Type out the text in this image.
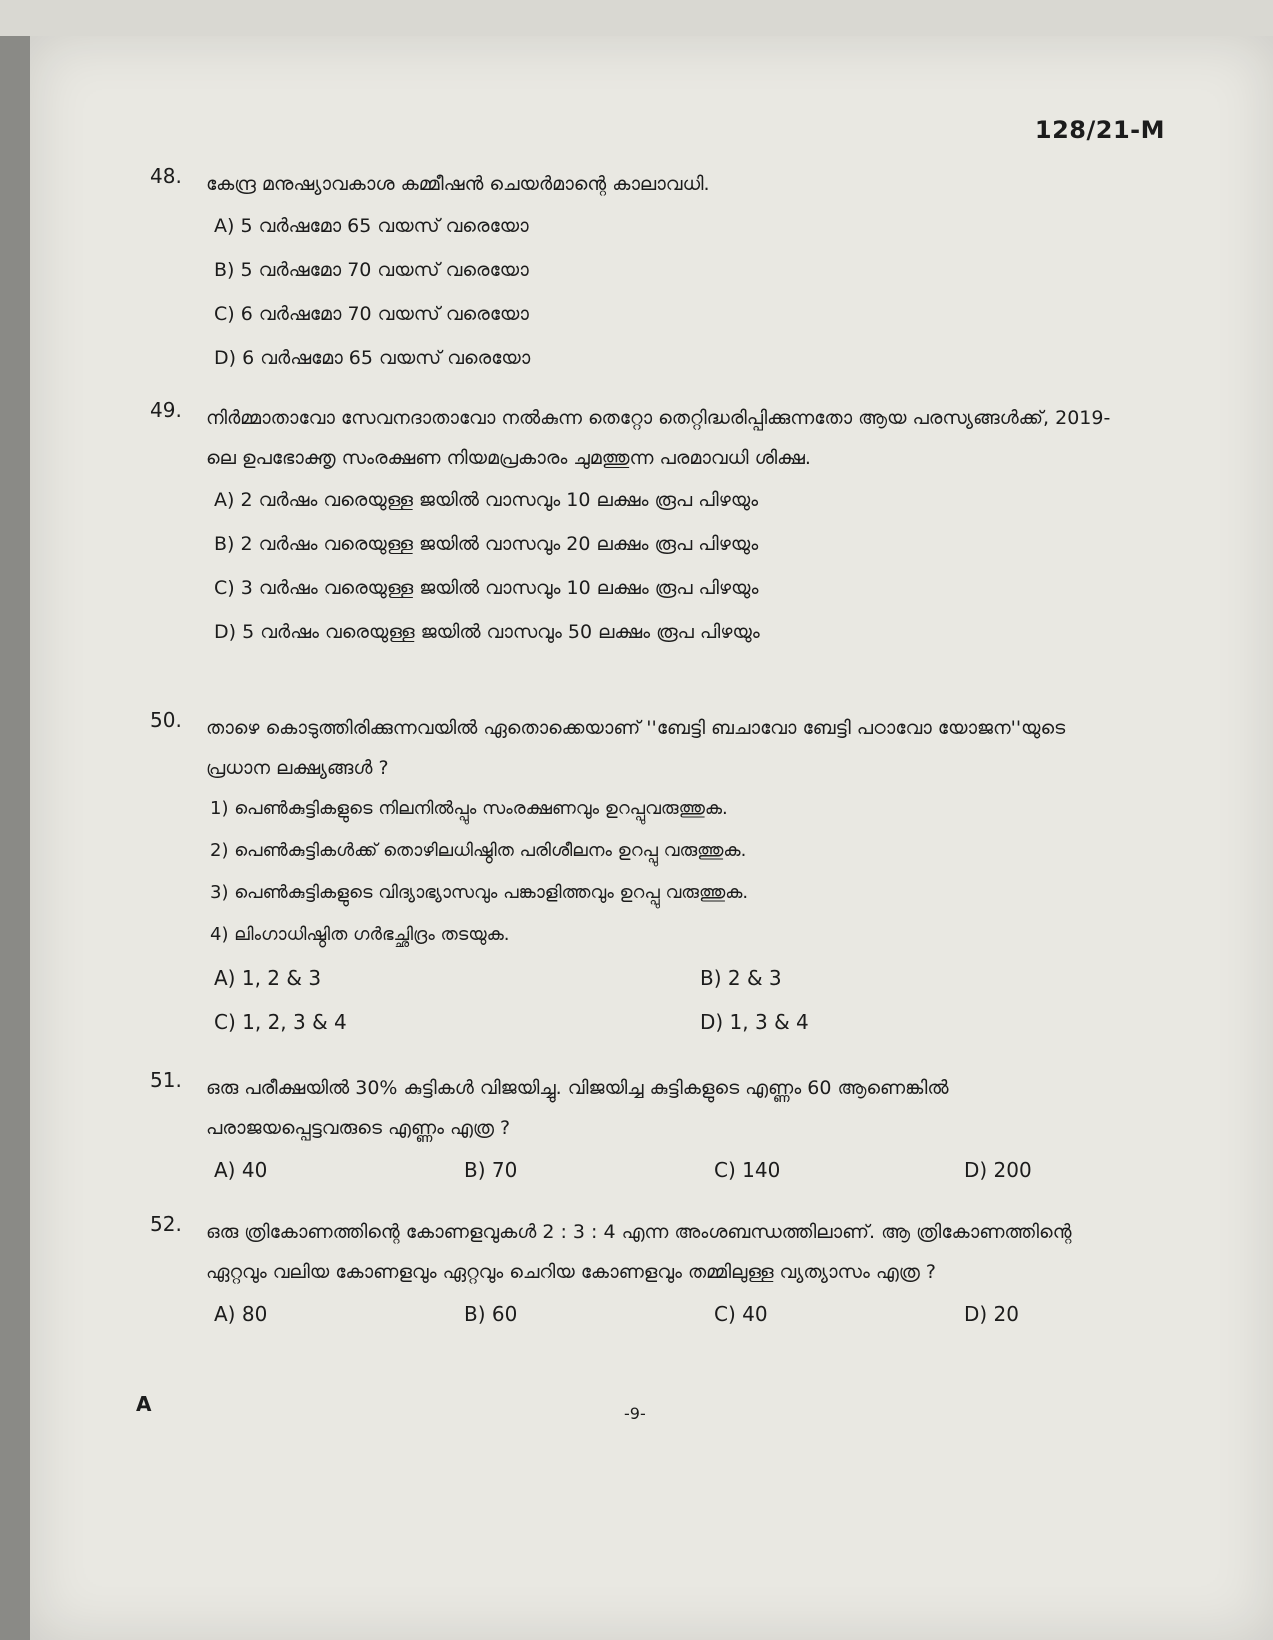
128/21-M
48.	കേന്ദ്ര മനുഷ്യാവകാശ കമ്മീഷൻ ചെയർമാന്റെ കാലാവധി.
A) 5 വർഷമോ 65 വയസ് വരെയോ
B) 5 വർഷമോ 70 വയസ് വരെയോ
C) 6 വർഷമോ 70 വയസ് വരെയോ
D) 6 വർഷമോ 65 വയസ് വരെയോ
49.	നിർമ്മാതാവോ സേവനദാതാവോ നൽകുന്ന തെറ്റോ തെറ്റിദ്ധരിപ്പിക്കുന്നതോ ആയ പരസ്യങ്ങൾക്ക്, 2019-ലെ ഉപഭോക്തൃ സംരക്ഷണ നിയമപ്രകാരം ചുമത്തുന്ന പരമാവധി ശിക്ഷ.
A) 2 വർഷം വരെയുള്ള ജയിൽ വാസവും 10 ലക്ഷം രൂപ പിഴയും
B) 2 വർഷം വരെയുള്ള ജയിൽ വാസവും 20 ലക്ഷം രൂപ പിഴയും
C) 3 വർഷം വരെയുള്ള ജയിൽ വാസവും 10 ലക്ഷം രൂപ പിഴയും
D) 5 വർഷം വരെയുള്ള ജയിൽ വാസവും 50 ലക്ഷം രൂപ പിഴയും
50.	താഴെ കൊടുത്തിരിക്കുന്നവയിൽ ഏതൊക്കെയാണ് ''ബേട്ടി ബചാവോ ബേട്ടി പഠാവോ യോജന''യുടെ പ്രധാന ലക്ഷ്യങ്ങൾ ?
1) പെൺകുട്ടികളുടെ നിലനിൽപ്പും സംരക്ഷണവും ഉറപ്പുവരുത്തുക.
2) പെൺകുട്ടികൾക്ക് തൊഴിലധിഷ്ഠിത പരിശീലനം ഉറപ്പു വരുത്തുക.
3) പെൺകുട്ടികളുടെ വിദ്യാഭ്യാസവും പങ്കാളിത്തവും ഉറപ്പു വരുത്തുക.
4) ലിംഗാധിഷ്ഠിത ഗർഭച്ഛിദ്രം തടയുക.
A) 1, 2 & 3	B) 2 & 3
C) 1, 2, 3 & 4	D) 1, 3 & 4
51.	ഒരു പരീക്ഷയിൽ 30% കുട്ടികൾ വിജയിച്ചു. വിജയിച്ച കുട്ടികളുടെ എണ്ണം 60 ആണെങ്കിൽ പരാജയപ്പെട്ടവരുടെ എണ്ണം എത്ര ?
A) 40	B) 70	C) 140	D) 200
52.	ഒരു ത്രികോണത്തിന്റെ കോണളവുകൾ 2 : 3 : 4 എന്ന അംശബന്ധത്തിലാണ്. ആ ത്രികോണത്തിന്റെ ഏറ്റവും വലിയ കോണളവും ഏറ്റവും ചെറിയ കോണളവും തമ്മിലുള്ള വ്യത്യാസം എത്ര ?
A) 80	B) 60	C) 40	D) 20
A	-9-
